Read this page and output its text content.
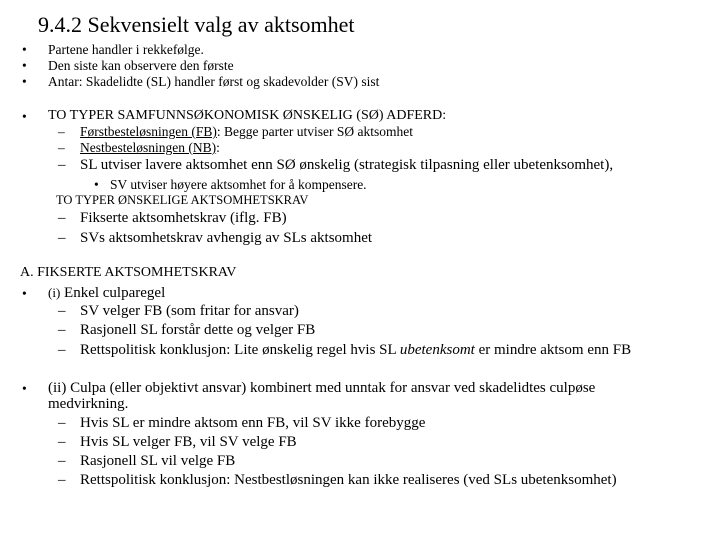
9.4.2 Sekvensielt valg av aktsomhet
• Partene handler i rekkefølge.
• Den siste kan observere den første
• Antar: Skadelidte (SL) handler først og skadevolder (SV) sist
• TO TYPER SAMFUNNSØKONOMISK ØNSKELIG (SØ) ADFERD:
– Førstbesteløsningen (FB): Begge parter utviser SØ aktsomhet
– Nestbesteløsningen (NB):
– SL utviser lavere aktsomhet enn SØ ønskelig (strategisk tilpasning eller ubetenksomhet),
• SV utviser høyere aktsomhet for å kompensere.
TO TYPER ØNSKELIGE AKTSOMHETSKRAV
– Fikserte aktsomhetskrav (iflg. FB)
– SVs aktsomhetskrav avhengig av SLs aktsomhet
A. FIKSERTE AKTSOMHETSKRAV
• (i) Enkel culparegel
– SV velger FB (som fritar for ansvar)
– Rasjonell SL forstår dette og velger FB
– Rettspolitisk konklusjon: Lite ønskelig regel hvis SL ubetenksomt er mindre aktsom enn FB
• (ii) Culpa (eller objektivt ansvar) kombinert med unntak for ansvar ved skadelidtes culpøse
medvirkning.
– Hvis SL er mindre aktsom enn FB, vil SV ikke forebygge
– Hvis SL velger FB, vil SV velge FB
– Rasjonell SL vil velge FB
– Rettspolitisk konklusjon: Nestbestløsningen kan ikke realiseres (ved SLs ubetenksomhet)
